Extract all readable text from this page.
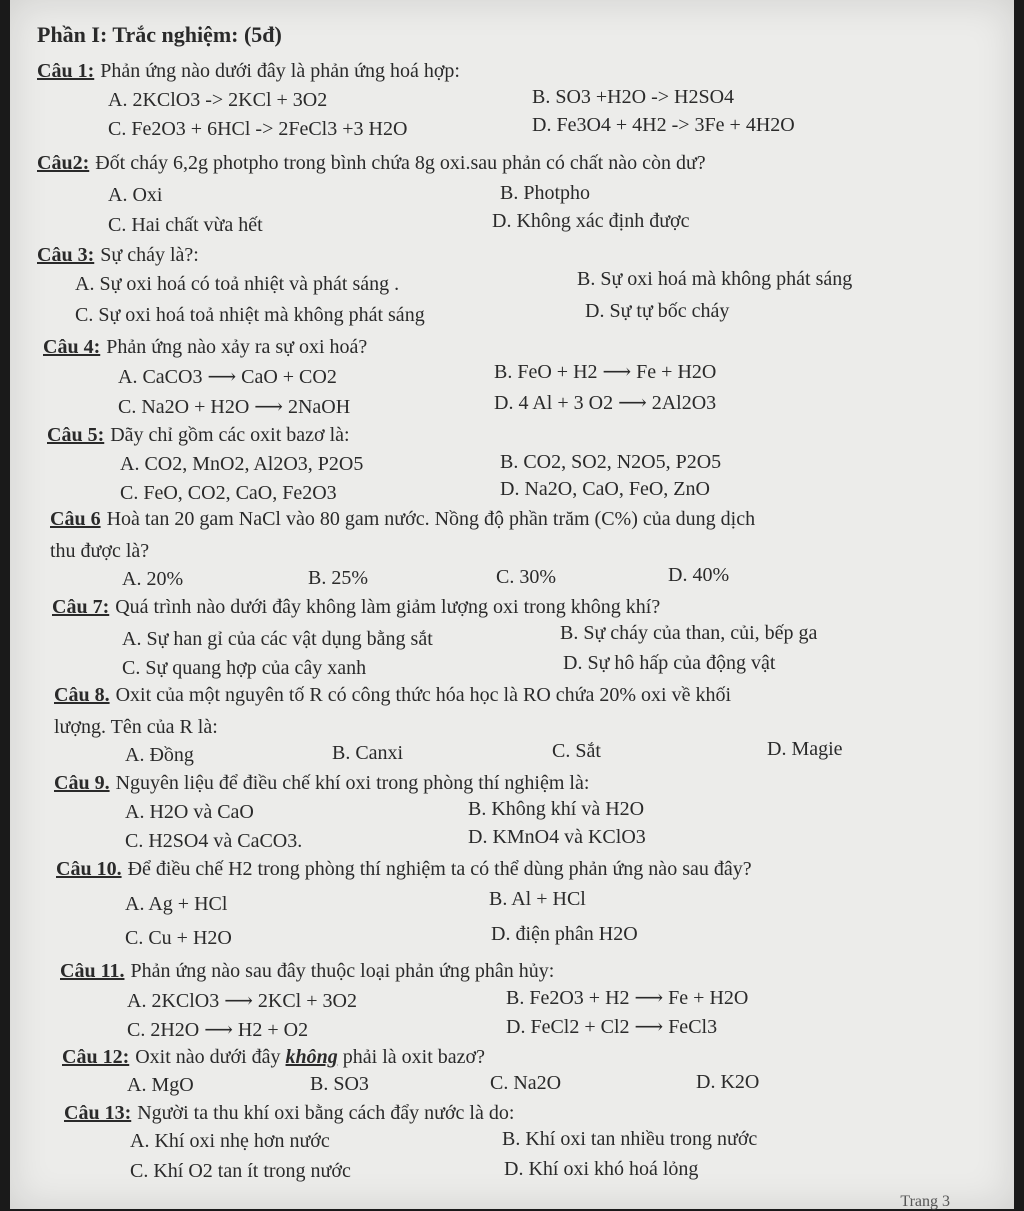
Phần I: Trắc nghiệm: (5đ)
Câu 1: Phản ứng nào dưới đây là phản ứng hoá hợp:
A. 2KClO3 -> 2KCl + 3O2	B. SO3 +H2O -> H2SO4
C. Fe2O3 + 6HCl -> 2FeCl3 +3 H2O	D. Fe3O4 + 4H2 -> 3Fe + 4H2O
Câu2: Đốt cháy 6,2g photpho trong bình chứa 8g oxi.sau phản có chất nào còn dư?
A. Oxi	B. Photpho
C. Hai chất vừa hết	D. Không xác định được
Câu 3: Sự cháy là?:
A. Sự oxi hoá có toả nhiệt và phát sáng .	B. Sự oxi hoá mà không phát sáng
C. Sự oxi hoá toả nhiệt mà không phát sáng	D. Sự tự bốc cháy
Câu 4: Phản ứng nào xảy ra sự oxi hoá?
A. CaCO3 ⟶ CaO + CO2	B. FeO + H2 ⟶ Fe + H2O
C. Na2O + H2O ⟶ 2NaOH	D. 4 Al + 3 O2 ⟶ 2Al2O3
Câu 5: Dãy chỉ gồm các oxit bazơ là:
A. CO2, MnO2, Al2O3, P2O5	B. CO2, SO2, N2O5, P2O5
C. FeO, CO2, CaO, Fe2O3	D. Na2O, CaO, FeO, ZnO
Câu 6 Hoà tan 20 gam NaCl vào 80 gam nước. Nồng độ phần trăm (C%) của dung dịch
thu được là?
A. 20%	B. 25%	C. 30%	D. 40%
Câu 7: Quá trình nào dưới đây không làm giảm lượng oxi trong không khí?
A. Sự han gỉ của các vật dụng bằng sắt	B. Sự cháy của than, củi, bếp ga
C. Sự quang hợp của cây xanh	D. Sự hô hấp của động vật
Câu 8. Oxit của một nguyên tố R có công thức hóa học là RO chứa 20% oxi về khối
lượng. Tên của R là:
A. Đồng	B. Canxi	C. Sắt	D. Magie
Câu 9. Nguyên liệu để điều chế khí oxi trong phòng thí nghiệm là:
A. H2O và CaO	B. Không khí và H2O
C. H2SO4 và CaCO3.	D. KMnO4 và KClO3
Câu 10. Để điều chế H2 trong phòng thí nghiệm ta có thể dùng phản ứng nào sau đây?
A. Ag + HCl	B. Al + HCl
C. Cu + H2O	D. điện phân H2O
Câu 11. Phản ứng nào sau đây thuộc loại phản ứng phân hủy:
A. 2KClO3 ⟶ 2KCl + 3O2	B. Fe2O3 + H2 ⟶ Fe + H2O
C. 2H2O ⟶ H2 + O2	D. FeCl2 + Cl2 ⟶ FeCl3
Câu 12: Oxit nào dưới đây không phải là oxit bazơ?
A. MgO	B. SO3	C. Na2O	D. K2O
Câu 13: Người ta thu khí oxi bằng cách đẩy nước là do:
A. Khí oxi nhẹ hơn nước	B. Khí oxi tan nhiều trong nước
C. Khí O2 tan ít trong nước	D. Khí oxi khó hoá lỏng
Trang 3
